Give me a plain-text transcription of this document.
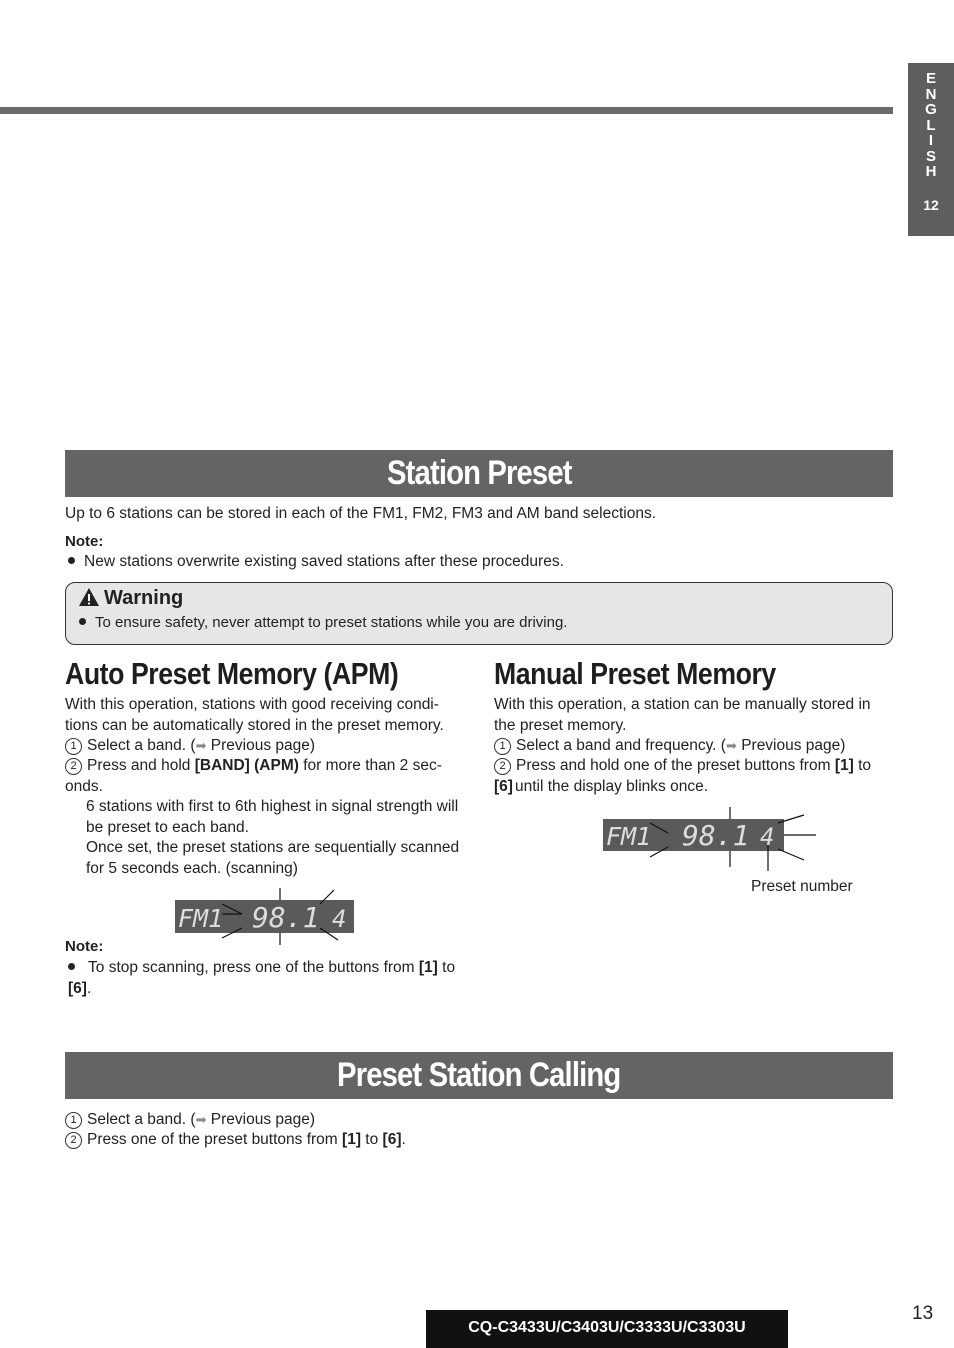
E
N
G
L
I
S
H
12
Station Preset
Up to 6 stations can be stored in each of the FM1, FM2, FM3 and AM band selections.
Note:
New stations overwrite existing saved stations after these procedures.
Warning
To ensure safety, never attempt to preset stations while you are driving.
Auto Preset Memory (APM)
With this operation, stations with good receiving condi-tions can be automatically stored in the preset memory.
1 Select a band. (➡ Previous page)
2 Press and hold [BAND] (APM) for more than 2 sec-onds.
6 stations with first to 6th highest in signal strength will be preset to each band.
Once set, the preset stations are sequentially scanned for 5 seconds each. (scanning)
FM1 98.1 4
Note:
To stop scanning, press one of the buttons from [1] to [6].
Manual Preset Memory
With this operation, a station can be manually stored in the preset memory.
1 Select a band and frequency. (➡ Previous page)
2 Press and hold one of the preset buttons from [1] to [6] until the display blinks once.
FM1 98.1 4
Preset number
Preset Station Calling
1 Select a band. (➡ Previous page)
2 Press one of the preset buttons from [1] to [6].
CQ-C3433U/C3403U/C3333U/C3303U
13
